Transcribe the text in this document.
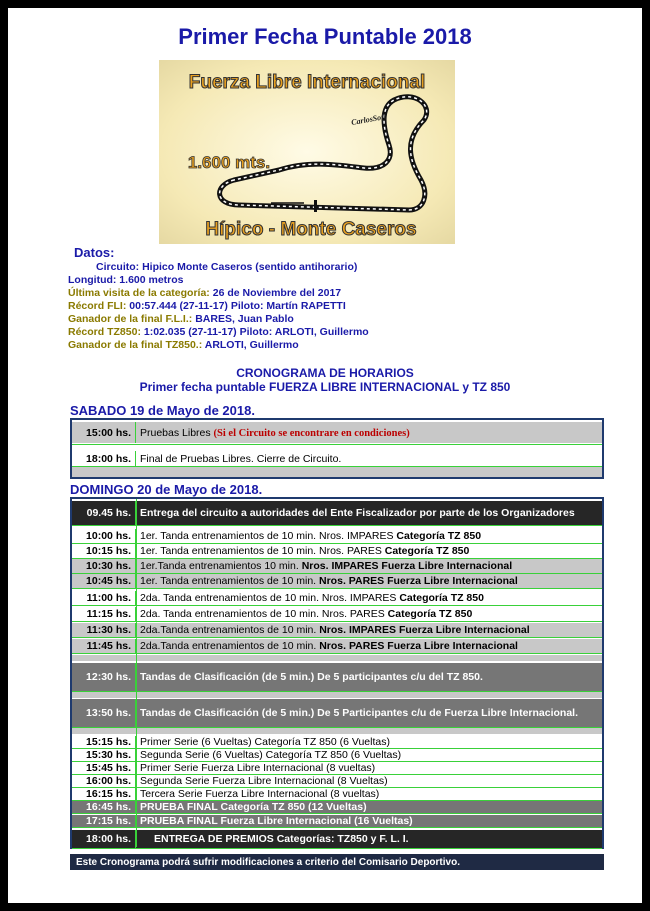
Primer Fecha Puntable 2018
Fuerza Libre Internacional
1.600 mts.
Hípico - Monte Caseros
CarlosSoft
Datos:
Circuito: Hipico Monte Caseros (sentido antihorario)
Longitud: 1.600 metros
Última visita de la categoría: 26 de Noviembre del 2017
Récord FLI: 00:57.444 (27-11-17) Piloto: Martín RAPETTI
Ganador de la final F.L.I.: BARES, Juan Pablo
Récord TZ850: 1:02.035 (27-11-17) Piloto: ARLOTI, Guillermo
Ganador de la final TZ850.: ARLOTI, Guillermo
CRONOGRAMA DE HORARIOS
Primer fecha puntable FUERZA LIBRE INTERNACIONAL y TZ 850
SABADO 19 de Mayo de 2018.
15:00 hs. Pruebas Libres (Si el Circuito se encontrare en condiciones)
18:00 hs. Final de Pruebas Libres. Cierre de Circuito.
DOMINGO 20 de Mayo de 2018.
09.45 hs. Entrega del circuito a autoridades del Ente Fiscalizador por parte de los Organizadores
10:00 hs. 1er. Tanda entrenamientos de 10 min. Nros. IMPARES Categoría TZ 850
10:15 hs. 1er. Tanda entrenamientos de 10 min. Nros. PARES Categoría TZ 850
10:30 hs. 1er.Tanda entrenamientos 10 min. Nros. IMPARES Fuerza Libre Internacional
10:45 hs. 1er. Tanda entrenamientos de 10 min. Nros. PARES Fuerza Libre Internacional
11:00 hs. 2da. Tanda entrenamientos de 10 min. Nros. IMPARES Categoría TZ 850
11:15 hs. 2da. Tanda entrenamientos de 10 min. Nros. PARES Categoría TZ 850
11:30 hs. 2da.Tanda entrenamientos de 10 min. Nros. IMPARES Fuerza Libre Internacional
11:45 hs. 2da.Tanda entrenamientos de 10 min. Nros. PARES Fuerza Libre Internacional
12:30 hs. Tandas de Clasificación (de 5 min.) De 5 participantes c/u del TZ 850.
13:50 hs. Tandas de Clasificación (de 5 min.) De 5 Participantes c/u de Fuerza Libre Internacional.
15:15 hs. Primer Serie (6 Vueltas) Categoría TZ 850 (6 Vueltas)
15:30 hs. Segunda Serie (6 Vueltas) Categoría TZ 850 (6 Vueltas)
15:45 hs. Primer Serie Fuerza Libre Internacional (8 vueltas)
16:00 hs. Segunda Serie Fuerza Libre Internacional (8 Vueltas)
16:15 hs. Tercera Serie Fuerza Libre Internacional (8 vueltas)
16:45 hs. PRUEBA FINAL Categoría TZ 850 (12 Vueltas)
17:15 hs. PRUEBA FINAL Fuerza Libre Internacional (16 Vueltas)
18:00 hs.	ENTREGA DE PREMIOS Categorías: TZ850 y F. L. I.
Este Cronograma podrá sufrir modificaciones a criterio del Comisario Deportivo.
